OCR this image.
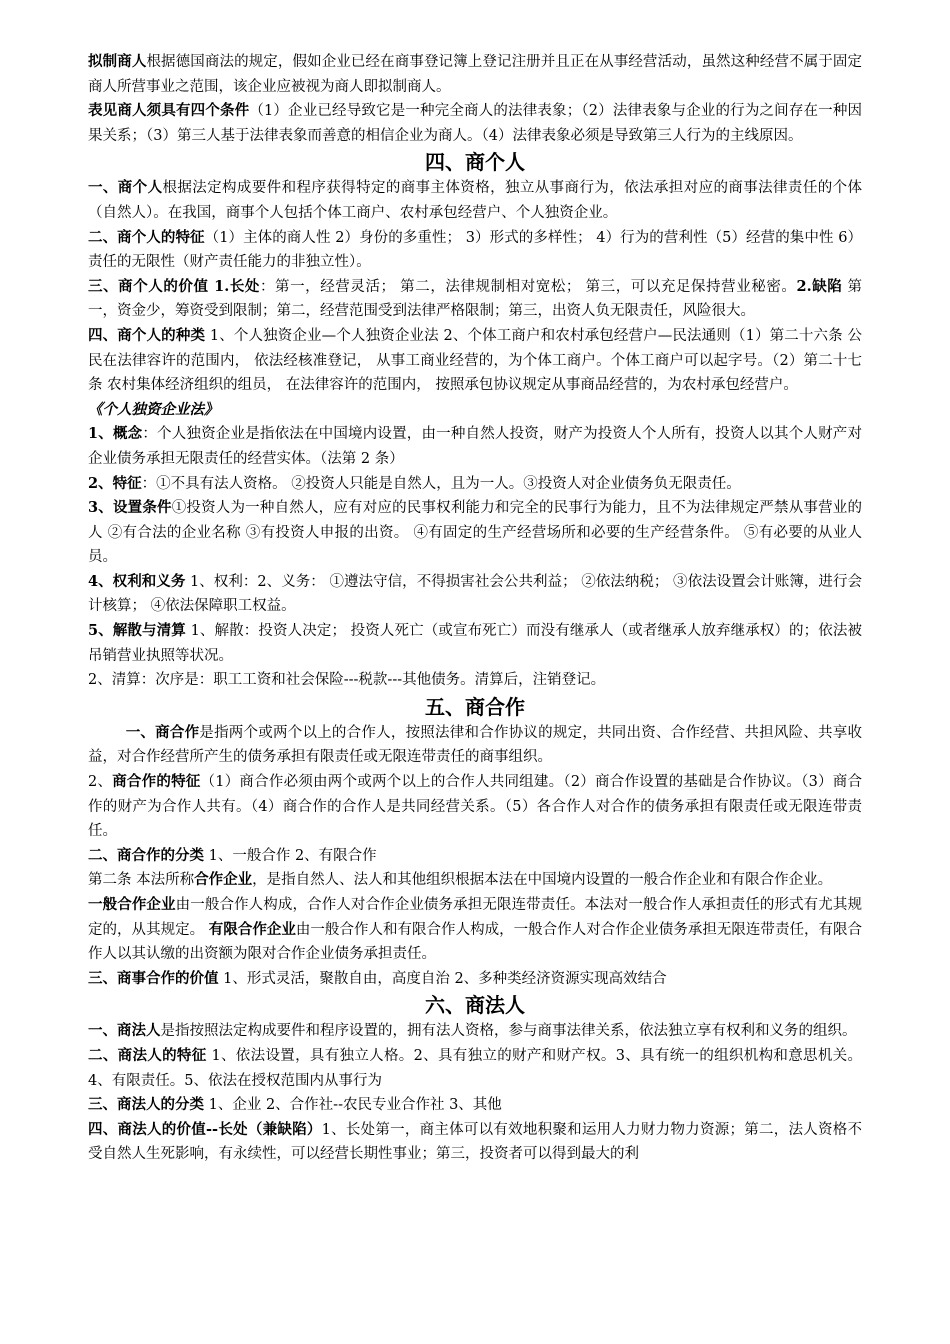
拟制商人根据德国商法的规定，假如企业已经在商事登记簿上登记注册并且正在从事经营活动，虽然这种经营不属于固定商人所营事业之范围，该企业应被视为商人即拟制商人。

表见商人须具有四个条件（1）企业已经导致它是一种完全商人的法律表象；（2）法律表象与企业的行为之间存在一种因果关系；（3）第三人基于法律表象而善意的相信企业为商人。（4）法律表象必须是导致第三人行为的主线原因。

四、商个人

一、商个人根据法定构成要件和程序获得特定的商事主体资格，独立从事商行为，依法承担对应的商事法律责任的个体（自然人）。在我国，商事个人包括个体工商户、农村承包经营户、个人独资企业。

二、商个人的特征（1）主体的商人性 2）身份的多重性； 3）形式的多样性； 4）行为的营利性（5）经营的集中性 6）责任的无限性（财产责任能力的非独立性）。

三、商个人的价值 1.长处：第一，经营灵活； 第二，法律规制相对宽松； 第三，可以充足保持营业秘密。2.缺陷 第一，资金少，筹资受到限制；第二，经营范围受到法律严格限制；第三，出资人负无限责任，风险很大。

四、商个人的种类 1、个人独资企业—个人独资企业法 2、个体工商户和农村承包经营户—民法通则（1）第二十六条 公民在法律容许的范围内， 依法经核准登记， 从事工商业经营的，为个体工商户。个体工商户可以起字号。（2）第二十七条 农村集体经济组织的组员， 在法律容许的范围内， 按照承包协议规定从事商品经营的，为农村承包经营户。

《个人独资企业法》

1、概念：个人独资企业是指依法在中国境内设置，由一种自然人投资，财产为投资人个人所有，投资人以其个人财产对企业债务承担无限责任的经营实体。（法第 2 条）

2、特征：①不具有法人资格。 ②投资人只能是自然人，且为一人。③投资人对企业债务负无限责任。

3、设置条件①投资人为一种自然人，应有对应的民事权利能力和完全的民事行为能力，且不为法律规定严禁从事营业的人 ②有合法的企业名称 ③有投资人申报的出资。 ④有固定的生产经营场所和必要的生产经营条件。 ⑤有必要的从业人员。

4、权利和义务 1、权利：2、义务： ①遵法守信，不得损害社会公共利益； ②依法纳税； ③依法设置会计账簿，进行会计核算； ④依法保障职工权益。

5、解散与清算 1、解散：投资人决定； 投资人死亡（或宣布死亡）而没有继承人（或者继承人放弃继承权）的；依法被吊销营业执照等状况。

2、清算：次序是：职工工资和社会保险---税款---其他债务。清算后，注销登记。

五、商合作

一、商合作是指两个或两个以上的合作人，按照法律和合作协议的规定，共同出资、合作经营、共担风险、共享收益，对合作经营所产生的债务承担有限责任或无限连带责任的商事组织。

2、商合作的特征（1）商合作必须由两个或两个以上的合作人共同组建。（2）商合作设置的基础是合作协议。（3）商合作的财产为合作人共有。（4）商合作的合作人是共同经营关系。（5）各合作人对合作的债务承担有限责任或无限连带责任。

二、商合作的分类 1、一般合作 2、有限合作

第二条 本法所称合作企业，是指自然人、法人和其他组织根据本法在中国境内设置的一般合作企业和有限合作企业。

一般合作企业由一般合作人构成，合作人对合作企业债务承担无限连带责任。本法对一般合作人承担责任的形式有尤其规定的，从其规定。 有限合作企业由一般合作人和有限合作人构成，一般合作人对合作企业债务承担无限连带责任，有限合作人以其认缴的出资额为限对合作企业债务承担责任。

三、商事合作的价值 1、形式灵活，聚散自由，高度自治 2、多种类经济资源实现高效结合

六、商法人

一、商法人是指按照法定构成要件和程序设置的，拥有法人资格，参与商事法律关系，依法独立享有权利和义务的组织。

二、商法人的特征 1、依法设置，具有独立人格。2、具有独立的财产和财产权。3、具有统一的组织机构和意思机关。4、有限责任。5、依法在授权范围内从事行为

三、商法人的分类 1、企业 2、合作社--农民专业合作社 3、其他

四、商法人的价值--长处（兼缺陷）1、长处第一，商主体可以有效地积聚和运用人力财力物力资源；第二，法人资格不受自然人生死影响，有永续性，可以经营长期性事业；第三，投资者可以得到最大的利
